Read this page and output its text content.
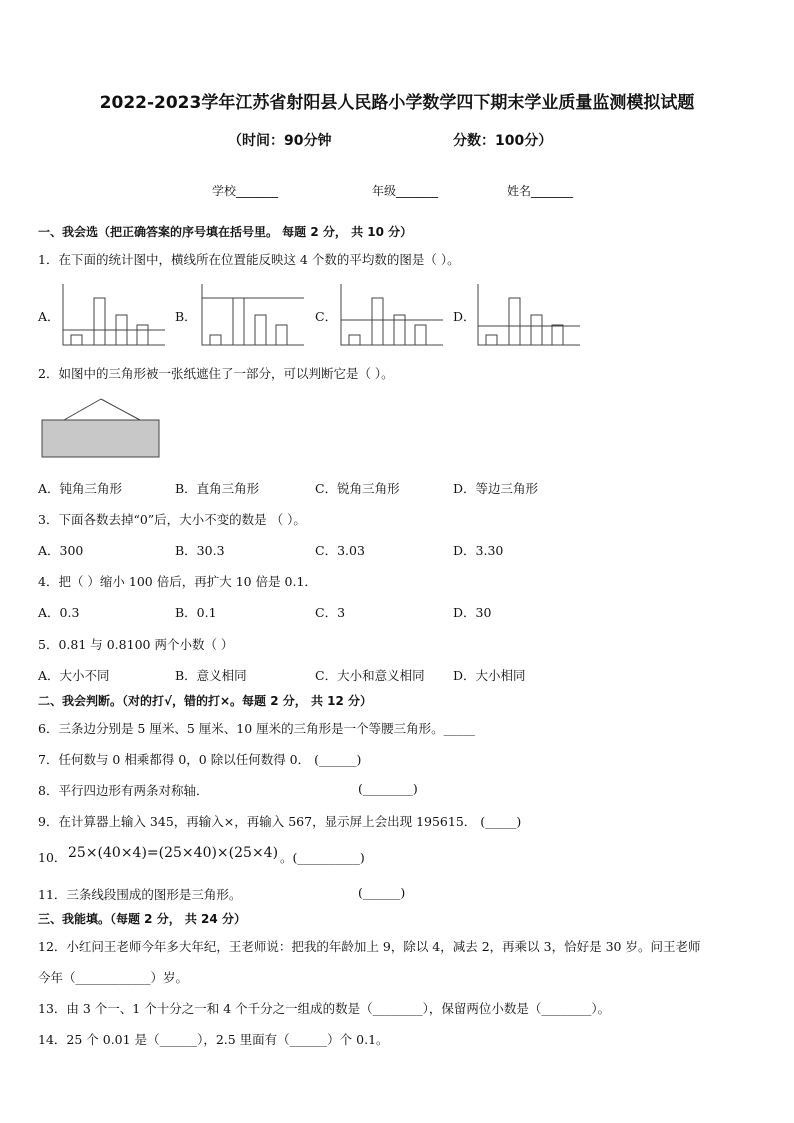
2022-2023学年江苏省射阳县人民路小学数学四下期末学业质量监测模拟试题
（时间：90分钟	分数：100分）
学校_______	年级_______	姓名_______
一、我会选（把正确答案的序号填在括号里。 每题 2 分， 共 10 分）
1．在下面的统计图中，横线所在位置能反映这 4 个数的平均数的图是（ ）。
A．	B．	C．	D．
2．如图中的三角形被一张纸遮住了一部分，可以判断它是（ ）。
A．钝角三角形	B．直角三角形	C．锐角三角形	D．等边三角形
3．下面各数去掉“0”后，大小不变的数是 （ ）。
A．300	B．30.3	C．3.03	D．3.30
4．把（ ）缩小 100 倍后，再扩大 10 倍是 0.1．
A．0.3	B．0.1	C．3	D．30
5．0.81 与 0.8100 两个小数（ ）
A．大小不同	B．意义相同	C．大小和意义相同 D．大小相同
二、我会判断。（对的打√，错的打×。每题 2 分， 共 12 分）
6．三条边分别是 5 厘米、5 厘米、10 厘米的三角形是一个等腰三角形。_____
7．任何数与 0 相乘都得 0，0 除以任何数得 0． (______)
8．平行四边形有两条对称轴．	(________)
9．在计算器上输入 345，再输入×，再输入 567，显示屏上会出现 195615． (_____)
10． 25×(40×4)=(25×40)×(25×4) 。(__________)
11．三条线段围成的图形是三角形。	(______)
三、我能填。（每题 2 分， 共 24 分）
12．小红问王老师今年多大年纪，王老师说：把我的年龄加上 9，除以 4，减去 2，再乘以 3，恰好是 30 岁。问王老师
今年（____________）岁。
13．由 3 个一、1 个十分之一和 4 个千分之一组成的数是（________），保留两位小数是（________）。
14．25 个 0.01 是（______），2.5 里面有（______）个 0.1。
